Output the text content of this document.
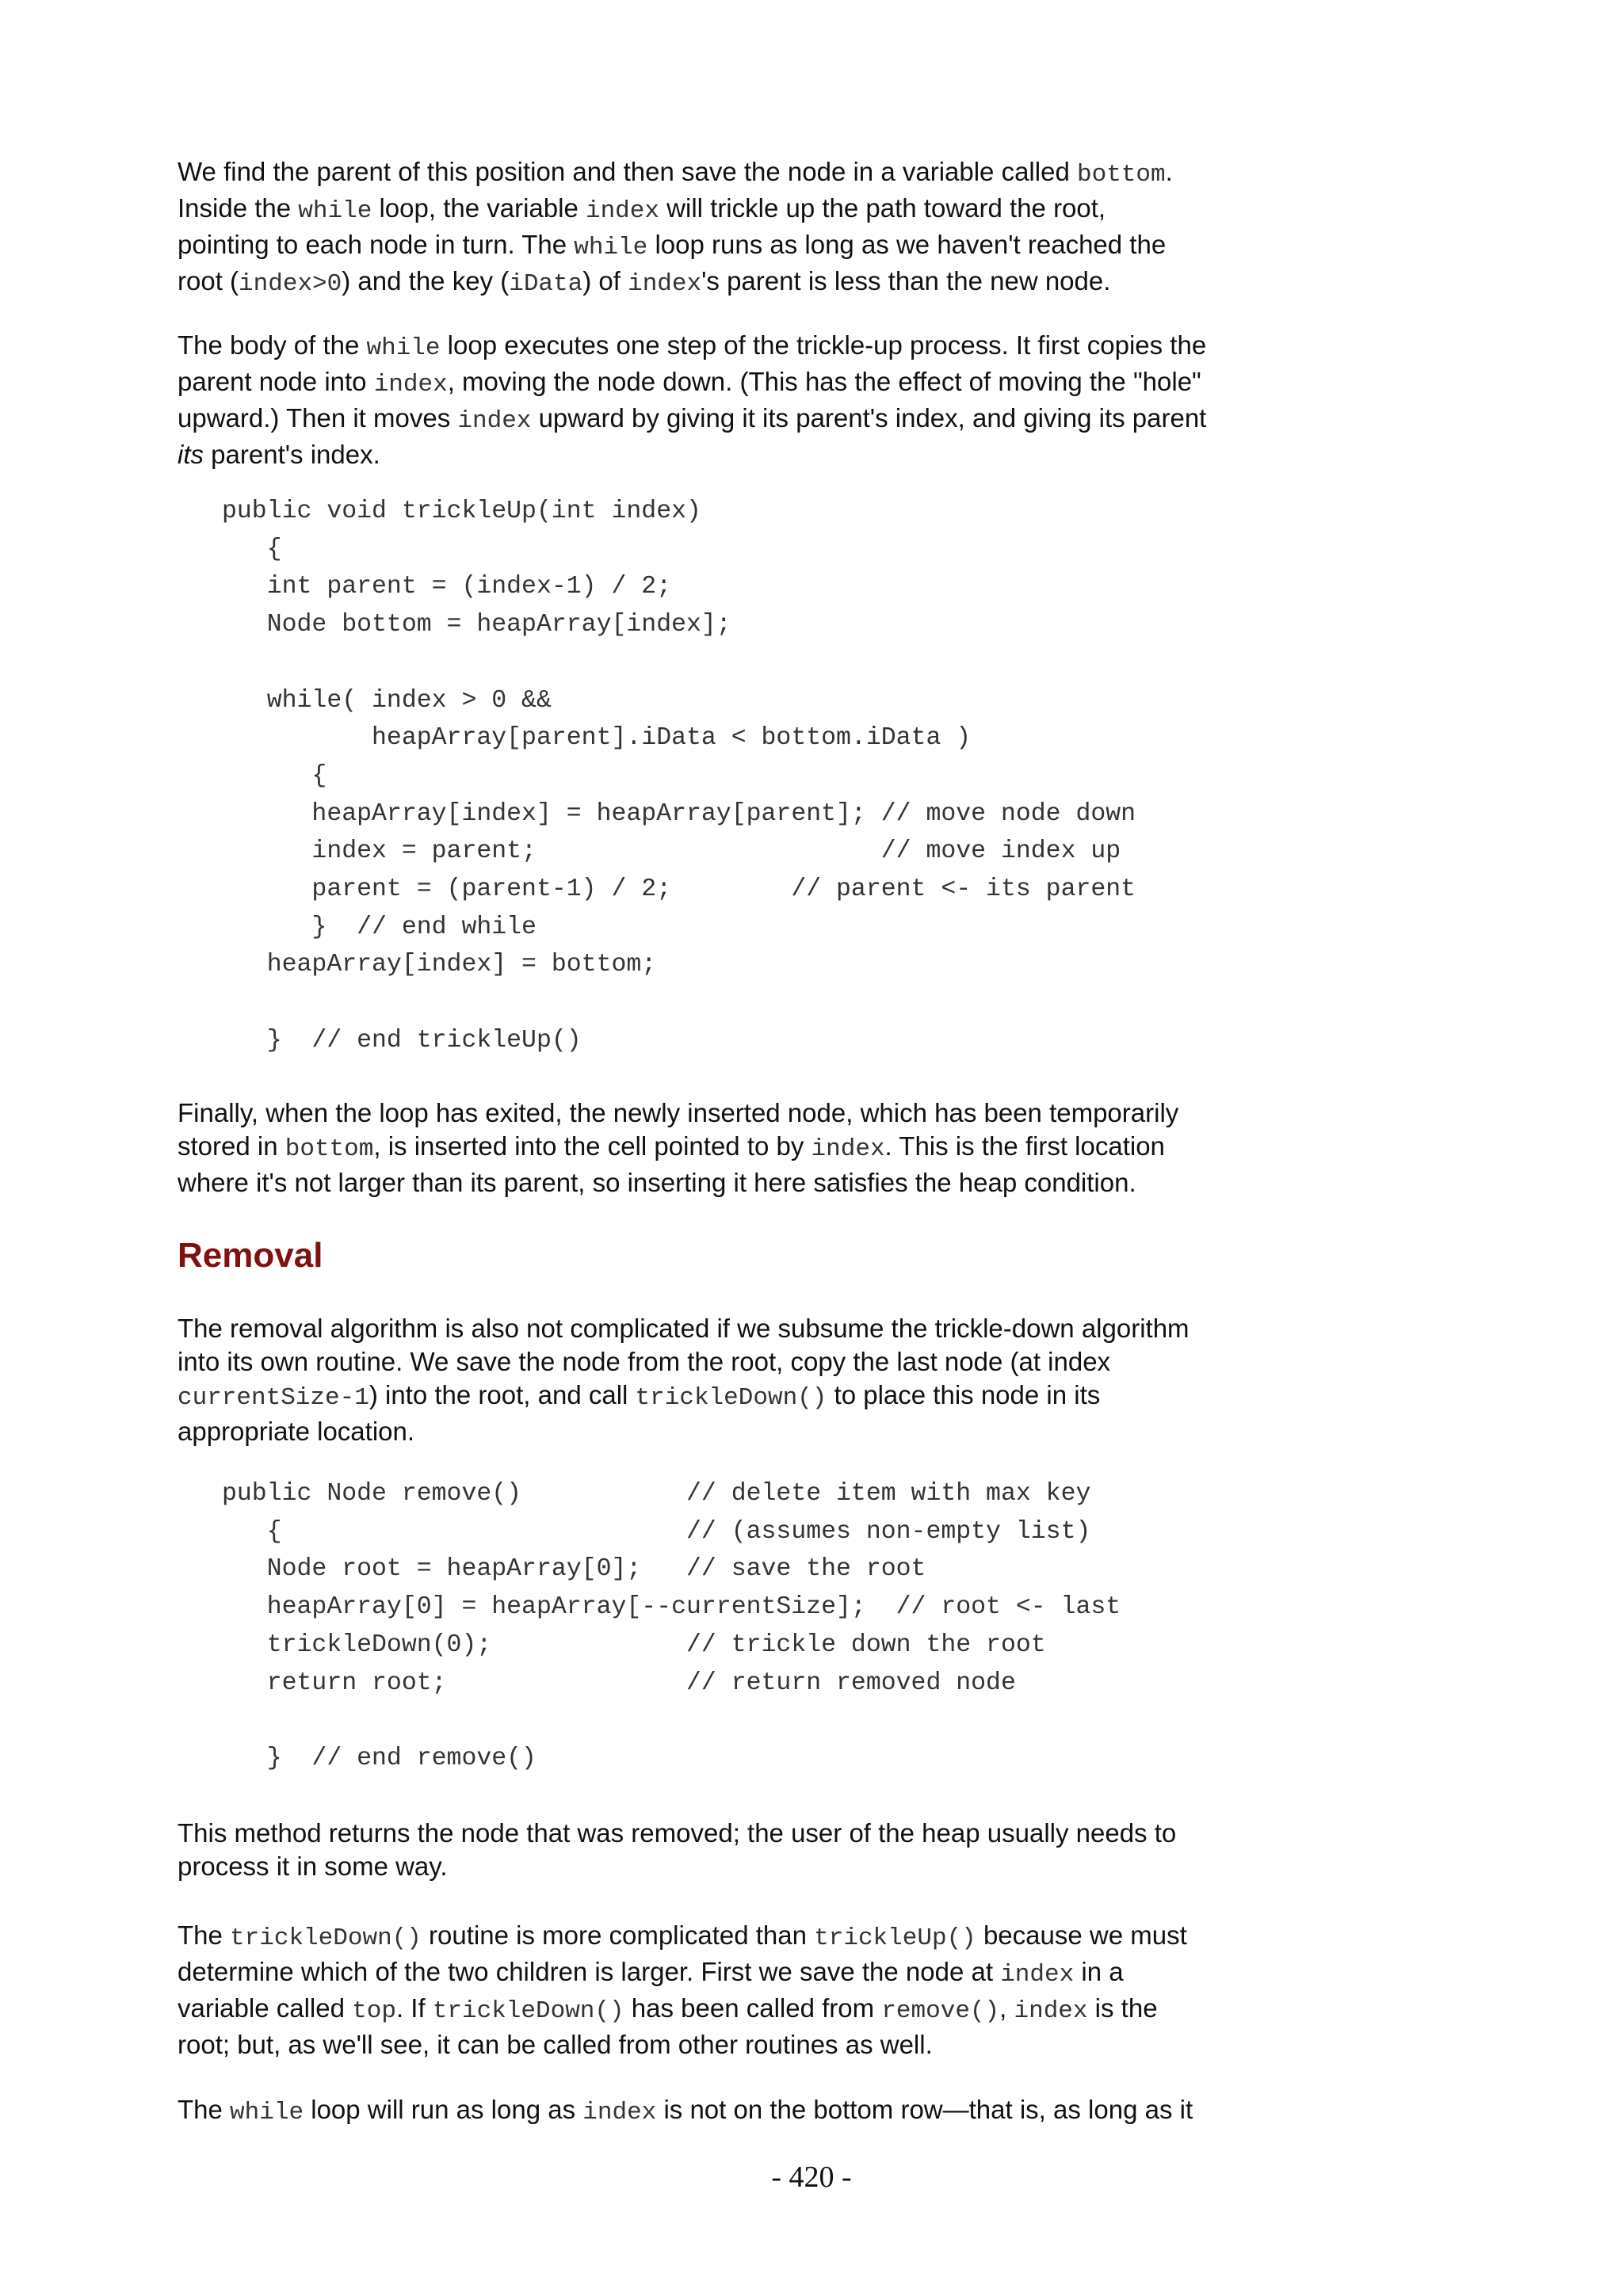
We find the parent of this position and then save the node in a variable called bottom.
Inside the while loop, the variable index will trickle up the path toward the root,
pointing to each node in turn. The while loop runs as long as we haven't reached the
root (index>0) and the key (iData) of index's parent is less than the new node.

The body of the while loop executes one step of the trickle-up process. It first copies the
parent node into index, moving the node down. (This has the effect of moving the "hole"
upward.) Then it moves index upward by giving it its parent's index, and giving its parent
its parent's index.

public void trickleUp(int index)
{
int parent = (index-1) / 2;
Node bottom = heapArray[index];

while( index > 0 &&
heapArray[parent].iData < bottom.iData )
{
heapArray[index] = heapArray[parent]; // move node down
index = parent;                       // move index up
parent = (parent-1) / 2;        // parent <- its parent
}  // end while
heapArray[index] = bottom;

}  // end trickleUp()

Finally, when the loop has exited, the newly inserted node, which has been temporarily
stored in bottom, is inserted into the cell pointed to by index. This is the first location
where it's not larger than its parent, so inserting it here satisfies the heap condition.

Removal

The removal algorithm is also not complicated if we subsume the trickle-down algorithm
into its own routine. We save the node from the root, copy the last node (at index
currentSize-1) into the root, and call trickleDown() to place this node in its
appropriate location.

public Node remove()           // delete item with max key
{                           // (assumes non-empty list)
Node root = heapArray[0];   // save the root
heapArray[0] = heapArray[--currentSize];  // root <- last
trickleDown(0);             // trickle down the root
return root;                // return removed node

}  // end remove()

This method returns the node that was removed; the user of the heap usually needs to
process it in some way.

The trickleDown() routine is more complicated than trickleUp() because we must
determine which of the two children is larger. First we save the node at index in a
variable called top. If trickleDown() has been called from remove(), index is the
root; but, as we'll see, it can be called from other routines as well.

The while loop will run as long as index is not on the bottom row—that is, as long as it

- 420 -
